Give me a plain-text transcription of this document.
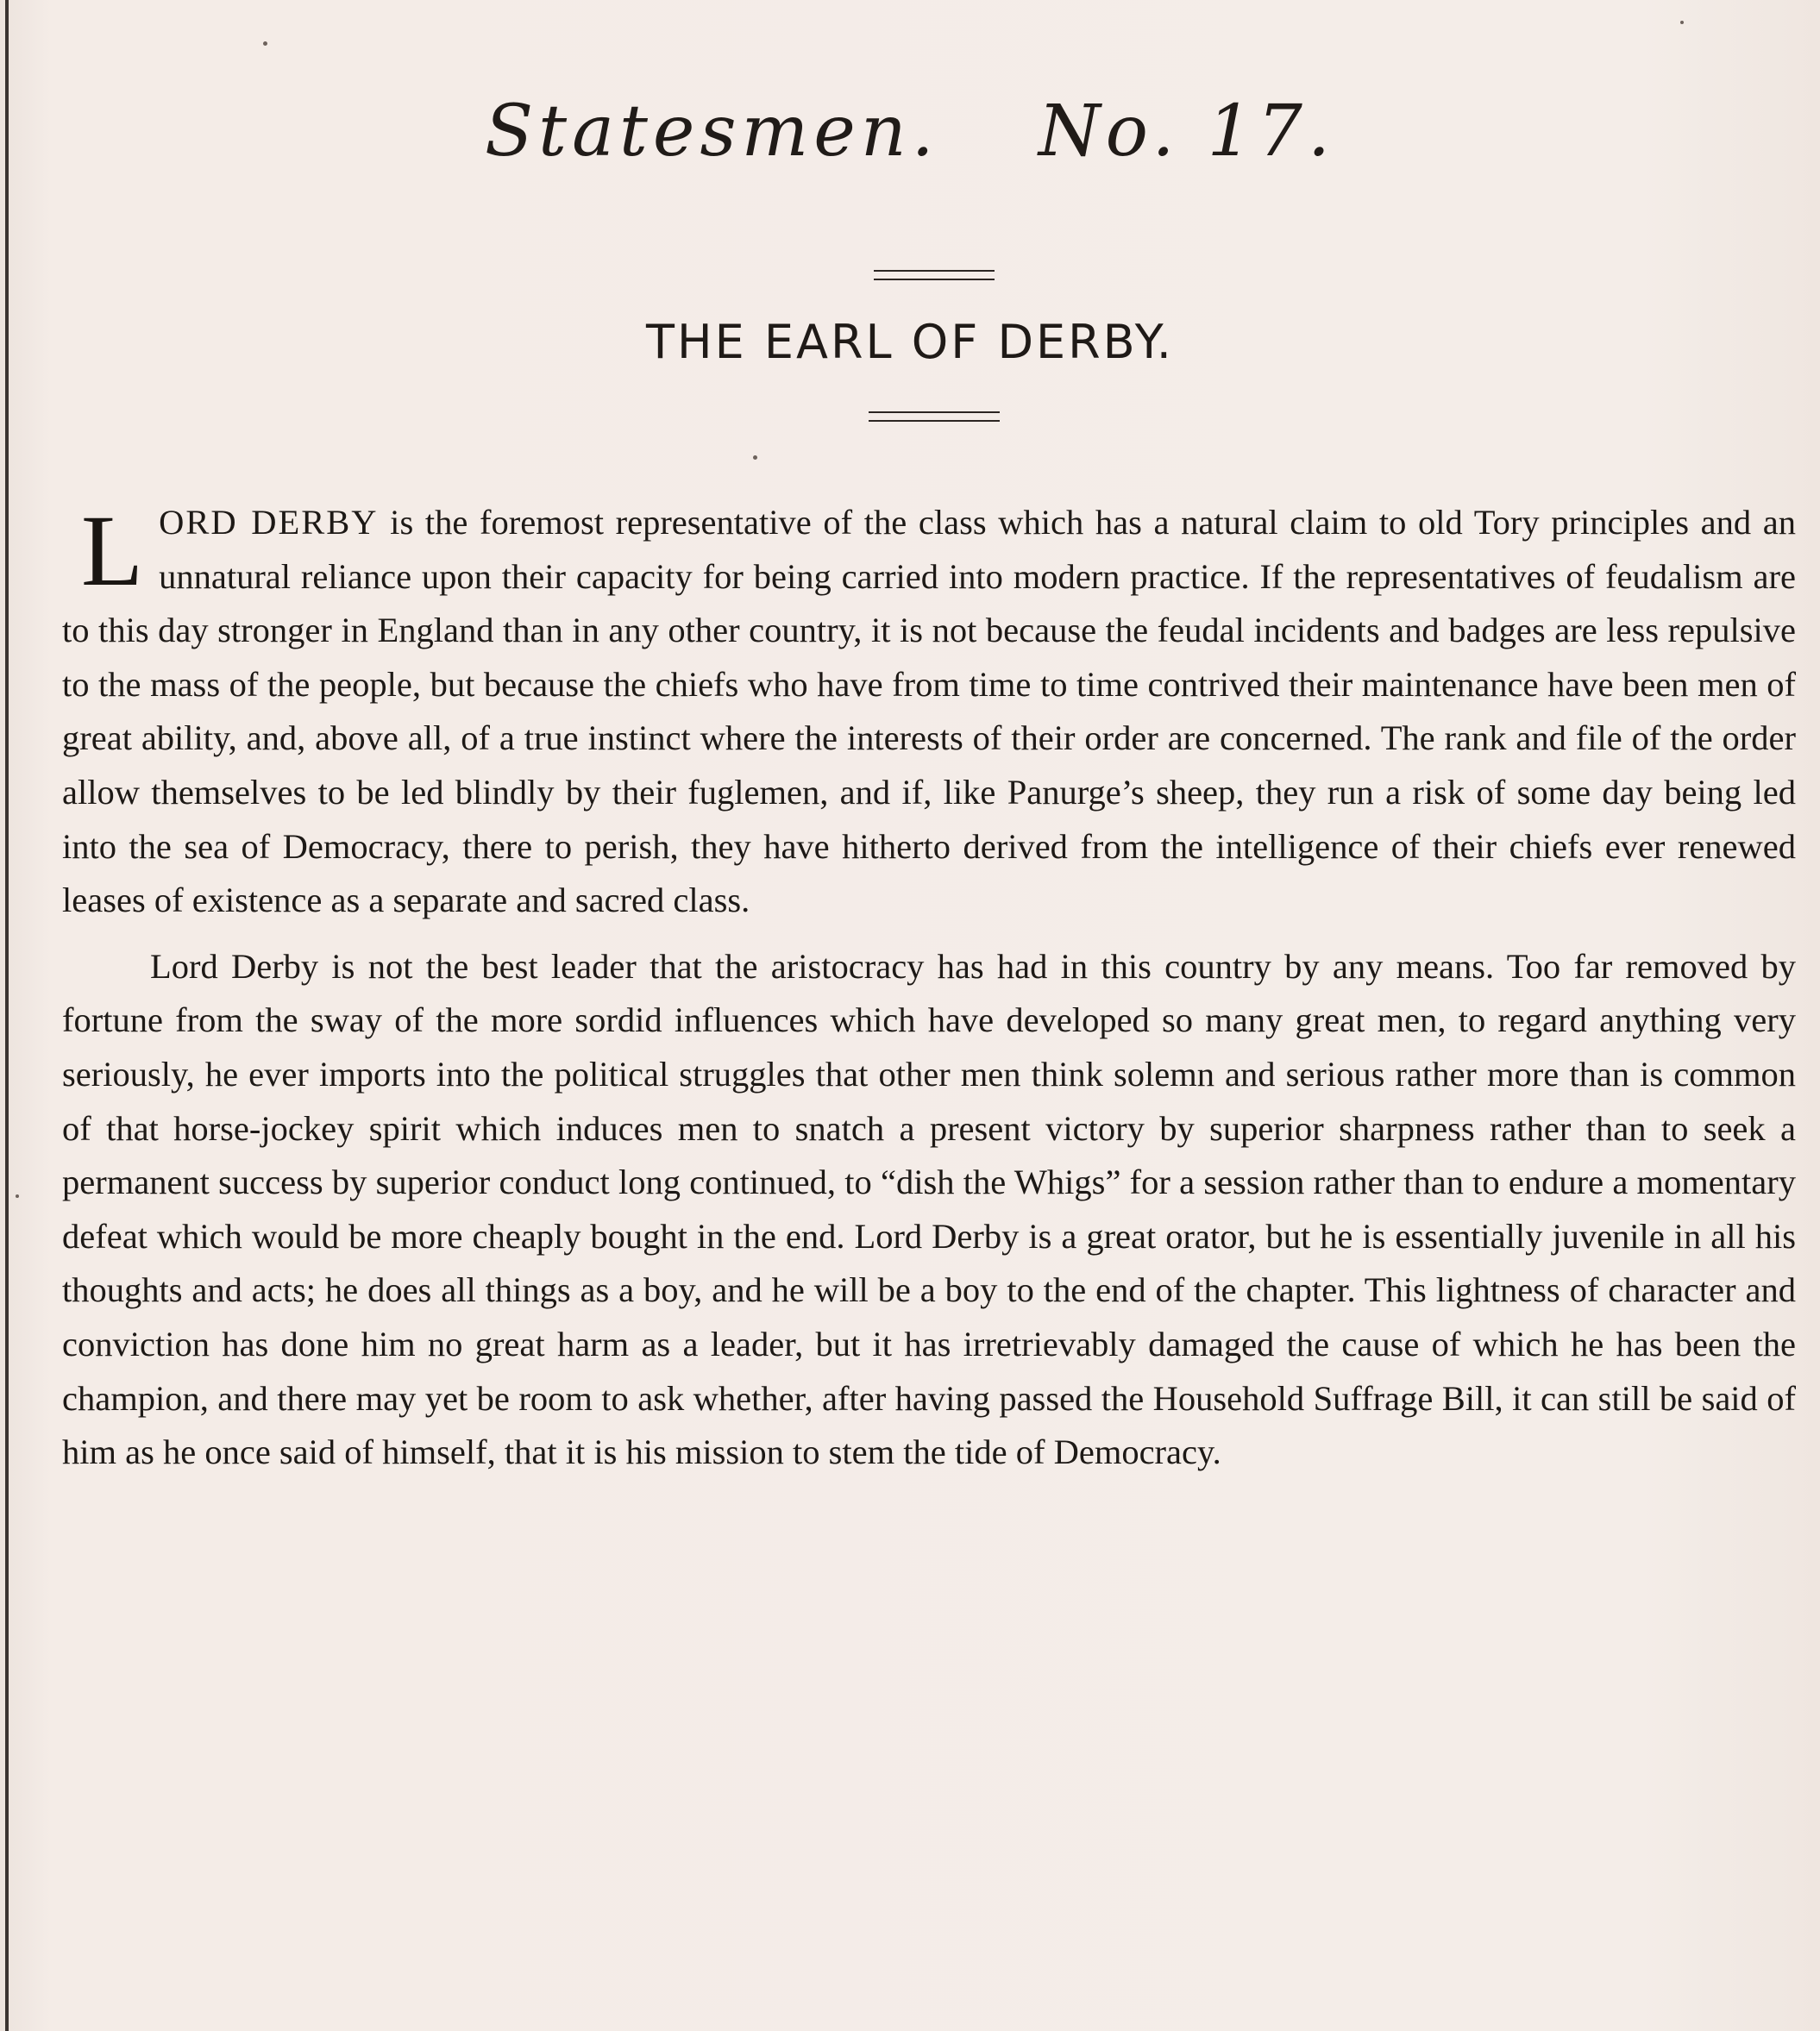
Statesmen. No. 17.
THE EARL OF DERBY.

LORD DERBY is the foremost representative of the class which has a natural claim to old Tory principles and an unnatural reliance upon their capacity for being carried into modern practice. If the representatives of feudalism are to this day stronger in England than in any other country, it is not because the feudal incidents and badges are less repulsive to the mass of the people, but because the chiefs who have from time to time contrived their maintenance have been men of great ability, and, above all, of a true instinct where the interests of their order are concerned. The rank and file of the order allow themselves to be led blindly by their fuglemen, and if, like Panurge’s sheep, they run a risk of some day being led into the sea of Democracy, there to perish, they have hitherto derived from the intelligence of their chiefs ever renewed leases of existence as a separate and sacred class.

Lord Derby is not the best leader that the aristocracy has had in this country by any means. Too far removed by fortune from the sway of the more sordid influences which have developed so many great men, to regard anything very seriously, he ever imports into the political struggles that other men think solemn and serious rather more than is common of that horse-jockey spirit which induces men to snatch a present victory by superior sharpness rather than to seek a permanent success by superior conduct long continued, to “dish the Whigs” for a session rather than to endure a momentary defeat which would be more cheaply bought in the end. Lord Derby is a great orator, but he is essentially juvenile in all his thoughts and acts; he does all things as a boy, and he will be a boy to the end of the chapter. This lightness of character and conviction has done him no great harm as a leader, but it has irretrievably damaged the cause of which he has been the champion, and there may yet be room to ask whether, after having passed the Household Suffrage Bill, it can still be said of him as he once said of himself, that it is his mission to stem the tide of Democracy.
